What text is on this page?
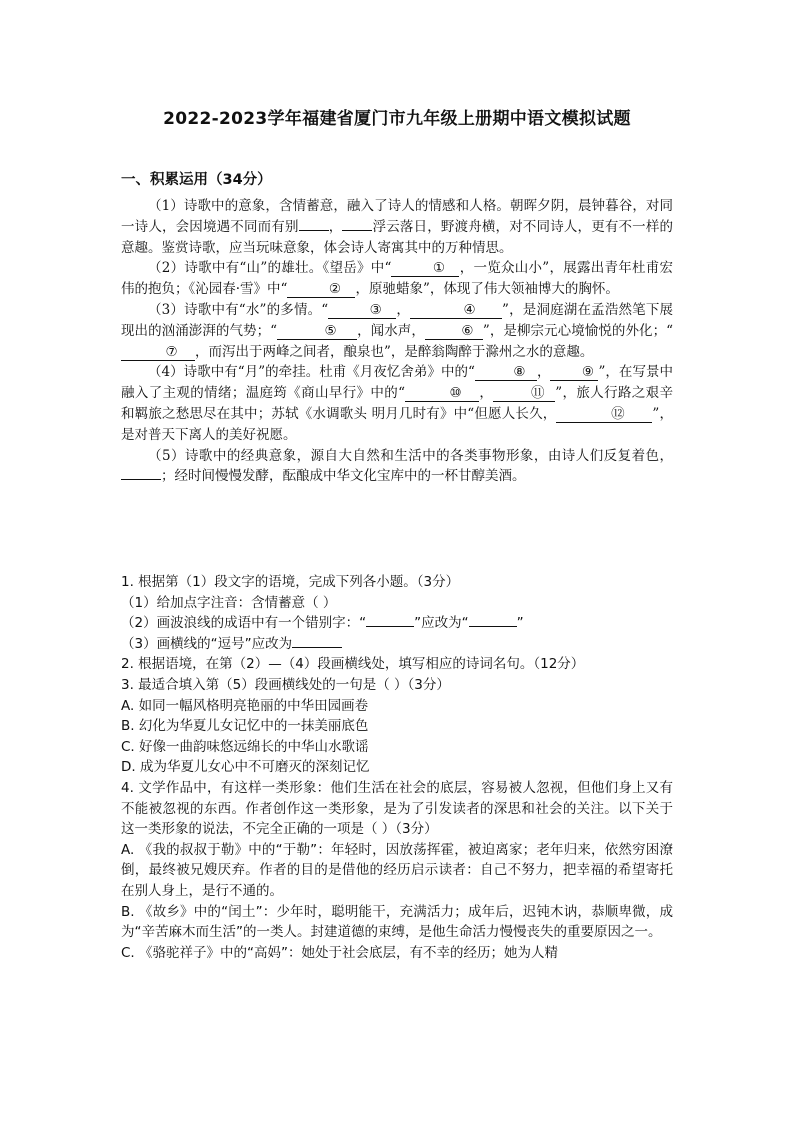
2022-2023学年福建省厦门市九年级上册期中语文模拟试题
一、积累运用（34分）

（1）诗歌中的意象，含情蓄意，融入了诗人的情感和人格。朝晖夕阴，晨钟暮谷，对同一诗人，会因境遇不同而有别 ， 浮云落日，野渡舟横，对不同诗人，更有不一样的意趣。鉴赏诗歌，应当玩味意象，体会诗人寄寓其中的万种情思。

（2）诗歌中有“山”的雄壮。《望岳》中“	① ，一览众山小”，展露出青年杜甫宏伟的抱负；《沁园春·雪》中“	② ，原驰蜡象”，体现了伟大领袖博大的胸怀。

（3）诗歌中有“水”的多情。“	③ ，	④ ”，是洞庭湖在孟浩然笔下展现出的汹涌澎湃的气势；“	⑤ ，闻水声，	⑥ ”，是柳宗元心境愉悦的外化；“⑦ ，而泻出于两峰之间者，酿泉也”，是醉翁陶醉于滁州之水的意趣。

（4）诗歌中有“月”的牵挂。杜甫《月夜忆舍弟》中的“	⑧ ， ⑨ ”，在写景中融入了主观的情绪；温庭筠《商山早行》中的“	⑩ ，	⑪ ”，旅人行路之艰辛和羁旅之愁思尽在其中；苏轼《水调歌头 明月几时有》中“但愿人长久，	⑫ ”，是对普天下离人的美好祝愿。

（5）诗歌中的经典意象，源自大自然和生活中的各类事物形象，由诗人们反复着色，；经时间慢慢发酵，酝酿成中华文化宝库中的一杯甘醇美酒。

1. 根据第（1）段文字的语境，完成下列各小题。（3分）

（1）给加点字注音：含情蓄意（ ）

（2）画波浪线的成语中有一个错别字：“	”应改为“	”

（3）画横线的“逗号”应改为

2. 根据语境，在第（2）—（4）段画横线处，填写相应的诗词名句。（12分）

3. 最适合填入第（5）段画横线处的一句是（ ）（3分）

A. 如同一幅风格明亮艳丽的中华田园画卷

B. 幻化为华夏儿女记忆中的一抹美丽底色

C. 好像一曲韵味悠远绵长的中华山水歌谣

D. 成为华夏儿女心中不可磨灭的深刻记忆

4. 文学作品中，有这样一类形象：他们生活在社会的底层，容易被人忽视，但他们身上又有不能被忽视的东西。作者创作这一类形象，是为了引发读者的深思和社会的关注。以下关于这一类形象的说法，不完全正确的一项是（ ）（3分）

A. 《我的叔叔于勒》中的“于勒”：年轻时，因放荡挥霍，被迫离家；老年归来，依然穷困潦倒，最终被兄嫂厌弃。作者的目的是借他的经历启示读者：自己不努力，把幸福的希望寄托在别人身上，是行不通的。

B. 《故乡》中的“闰土”：少年时，聪明能干，充满活力；成年后，迟钝木讷，恭顺卑微，成为“辛苦麻木而生活”的一类人。封建道德的束缚，是他生命活力慢慢丧失的重要原因之一。

C. 《骆驼祥子》中的“高妈”：她处于社会底层，有不幸的经历；她为人精
